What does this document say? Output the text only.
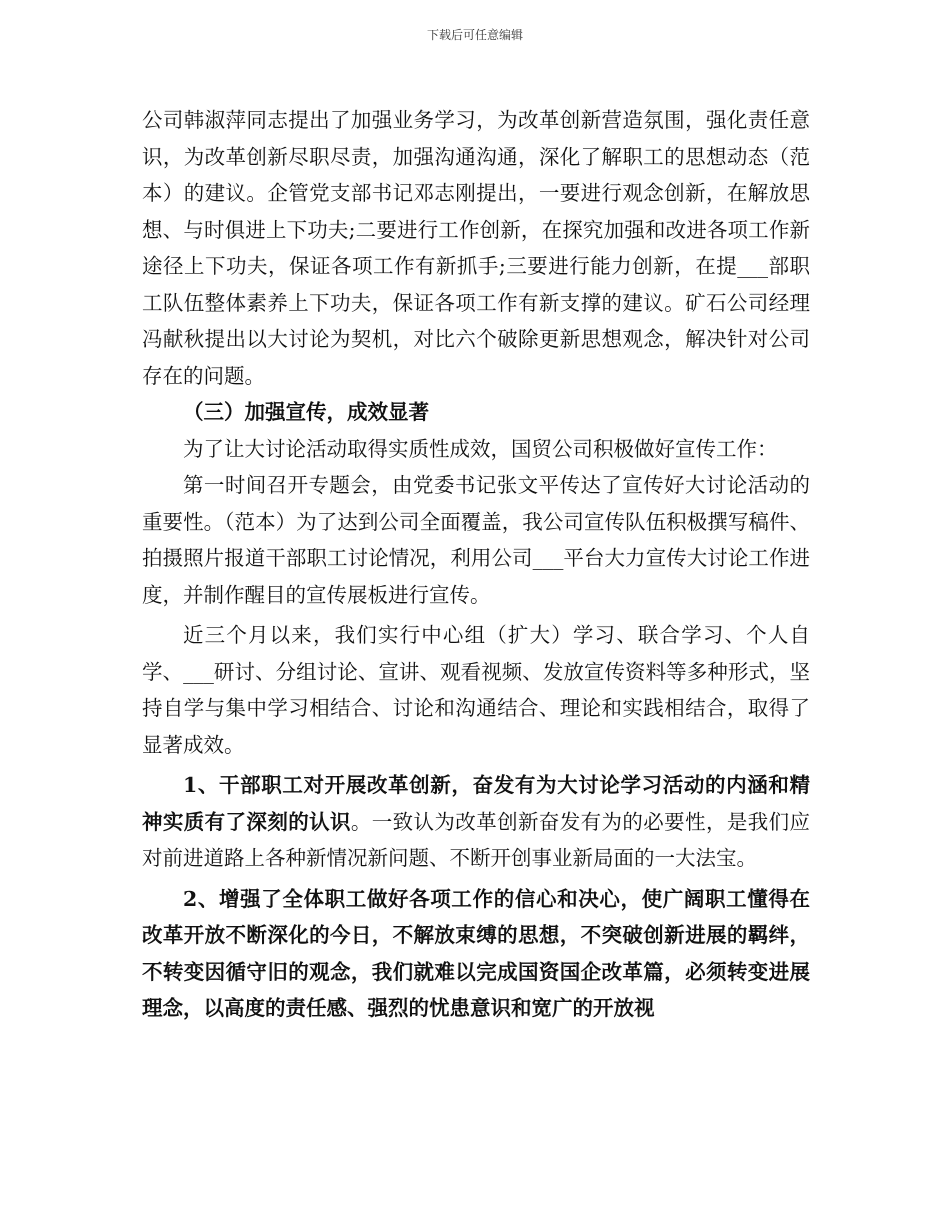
下载后可任意编辑

公司韩淑萍同志提出了加强业务学习，为改革创新营造氛围，强化责任意识，为改革创新尽职尽责，加强沟通沟通，深化了解职工的思想动态（范本）的建议。企管党支部书记邓志刚提出，一要进行观念创新，在解放思想、与时俱进上下功夫;二要进行工作创新，在探究加强和改进各项工作新途径上下功夫，保证各项工作有新抓手;三要进行能力创新，在提___部职工队伍整体素养上下功夫，保证各项工作有新支撑的建议。矿石公司经理冯献秋提出以大讨论为契机，对比六个破除更新思想观念，解决针对公司存在的问题。

（三）加强宣传，成效显著

为了让大讨论活动取得实质性成效，国贸公司积极做好宣传工作：

第一时间召开专题会，由党委书记张文平传达了宣传好大讨论活动的重要性。（范本）为了达到公司全面覆盖，我公司宣传队伍积极撰写稿件、拍摄照片报道干部职工讨论情况，利用公司___平台大力宣传大讨论工作进度，并制作醒目的宣传展板进行宣传。

近三个月以来，我们实行中心组（扩大）学习、联合学习、个人自学、___研讨、分组讨论、宣讲、观看视频、发放宣传资料等多种形式，坚持自学与集中学习相结合、讨论和沟通结合、理论和实践相结合，取得了显著成效。

1、干部职工对开展改革创新，奋发有为大讨论学习活动的内涵和精神实质有了深刻的认识。一致认为改革创新奋发有为的必要性，是我们应对前进道路上各种新情况新问题、不断开创事业新局面的一大法宝。

2、增强了全体职工做好各项工作的信心和决心，使广阔职工懂得在改革开放不断深化的今日，不解放束缚的思想，不突破创新进展的羁绊，不转变因循守旧的观念，我们就难以完成国资国企改革篇，必须转变进展理念，以高度的责任感、强烈的忧患意识和宽广的开放视
